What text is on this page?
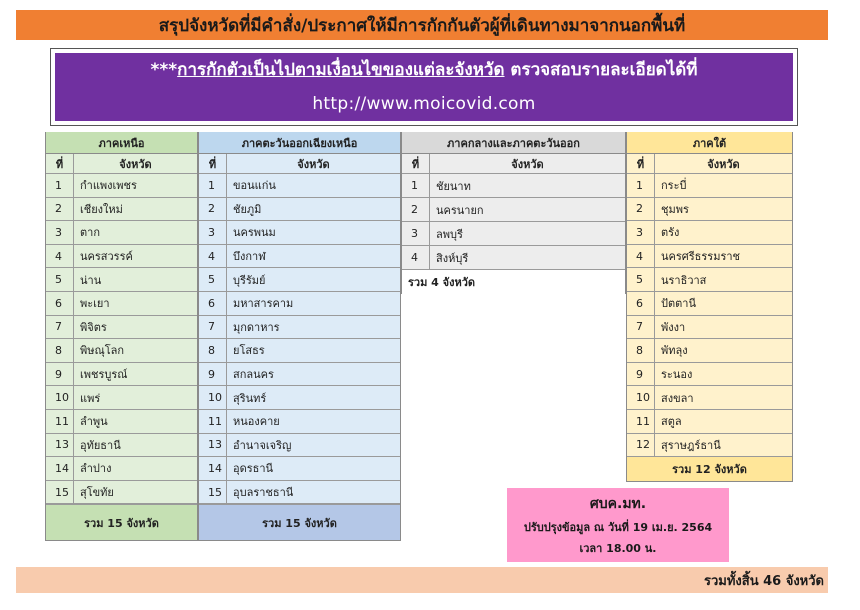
สรุปจังหวัดที่มีคำสั่ง/ประกาศให้มีการกักกันตัวผู้ที่เดินทางมาจากนอกพื้นที่
***การกักตัวเป็นไปตามเงื่อนไขของแต่ละจังหวัด ตรวจสอบรายละเอียดได้ที่
http://www.moicovid.com
ภาคเหนือ
ที่	จังหวัด
1	กำแพงเพชร
2	เชียงใหม่
3	ตาก
4	นครสวรรค์
5	น่าน
6	พะเยา
7	พิจิตร
8	พิษณุโลก
9	เพชรบูรณ์
10	แพร่
11	ลำพูน
13	อุทัยธานี
14	ลำปาง
15	สุโขทัย
รวม 15 จังหวัด
ภาคตะวันออกเฉียงเหนือ
ที่	จังหวัด
1	ขอนแก่น
2	ชัยภูมิ
3	นครพนม
4	บึงกาฬ
5	บุรีรัมย์
6	มหาสารคาม
7	มุกดาหาร
8	ยโสธร
9	สกลนคร
10	สุรินทร์
11	หนองคาย
13	อำนาจเจริญ
14	อุดรธานี
15	อุบลราชธานี
รวม 15 จังหวัด
ภาคกลางและภาคตะวันออก
ที่	จังหวัด
1	ชัยนาท
2	นครนายก
3	ลพบุรี
4	สิงห์บุรี
รวม 4 จังหวัด
ภาคใต้
ที่	จังหวัด
1	กระบี่
2	ชุมพร
3	ตรัง
4	นครศรีธรรมราช
5	นราธิวาส
6	ปัตตานี
7	พังงา
8	พัทลุง
9	ระนอง
10	สงขลา
11	สตูล
12	สุราษฎร์ธานี
รวม 12 จังหวัด
ศบค.มท.
ปรับปรุงข้อมูล ณ วันที่ 19 เม.ย. 2564
เวลา 18.00 น.
รวมทั้งสิ้น 46 จังหวัด
